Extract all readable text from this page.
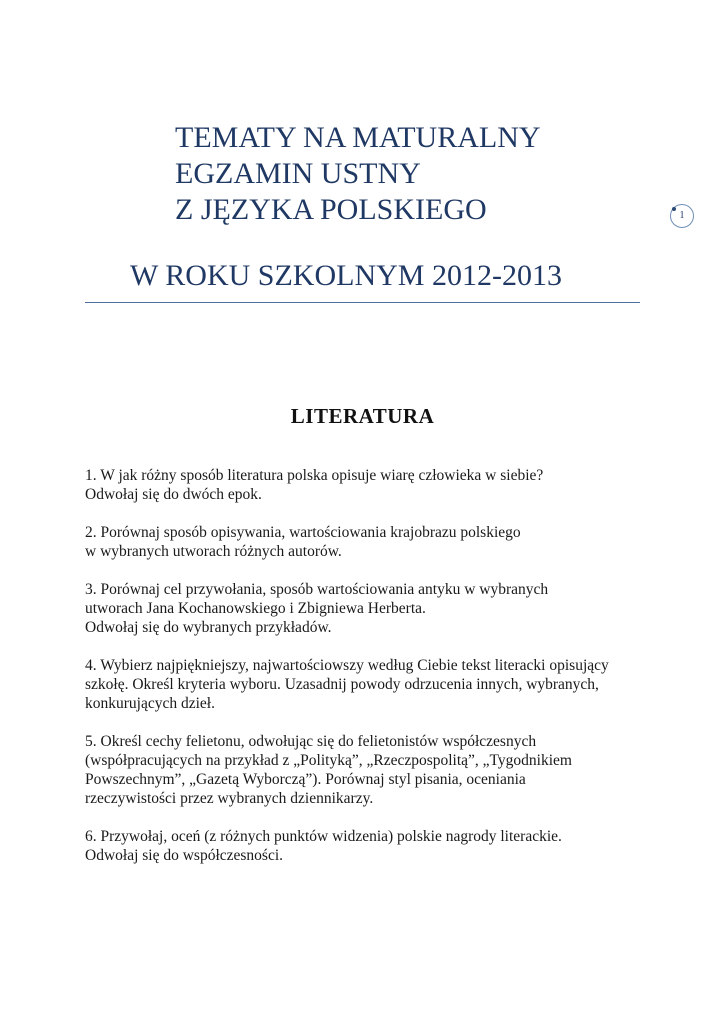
TEMATY NA MATURALNY
EGZAMIN USTNY
Z JĘZYKA POLSKIEGO
W ROKU SZKOLNYM 2012-2013
1
LITERATURA
1. W jak różny sposób literatura polska opisuje wiarę człowieka w siebie?
Odwołaj się do dwóch epok.
2. Porównaj sposób opisywania, wartościowania krajobrazu polskiego
w wybranych utworach różnych autorów.
3. Porównaj cel przywołania, sposób wartościowania antyku w wybranych
utworach Jana Kochanowskiego i Zbigniewa Herberta.
Odwołaj się do wybranych przykładów.
4. Wybierz najpiękniejszy, najwartościowszy według Ciebie tekst literacki opisujący
szkołę. Określ kryteria wyboru. Uzasadnij powody odrzucenia innych, wybranych,
konkurujących dzieł.
5. Określ cechy felietonu, odwołując się do felietonistów współczesnych
(współpracujących na przykład z „Polityką”, „Rzeczpospolitą”, „Tygodnikiem
Powszechnym”, „Gazetą Wyborczą”). Porównaj styl pisania, oceniania
rzeczywistości przez wybranych dziennikarzy.
6. Przywołaj, oceń (z różnych punktów widzenia) polskie nagrody literackie.
Odwołaj się do współczesności.
